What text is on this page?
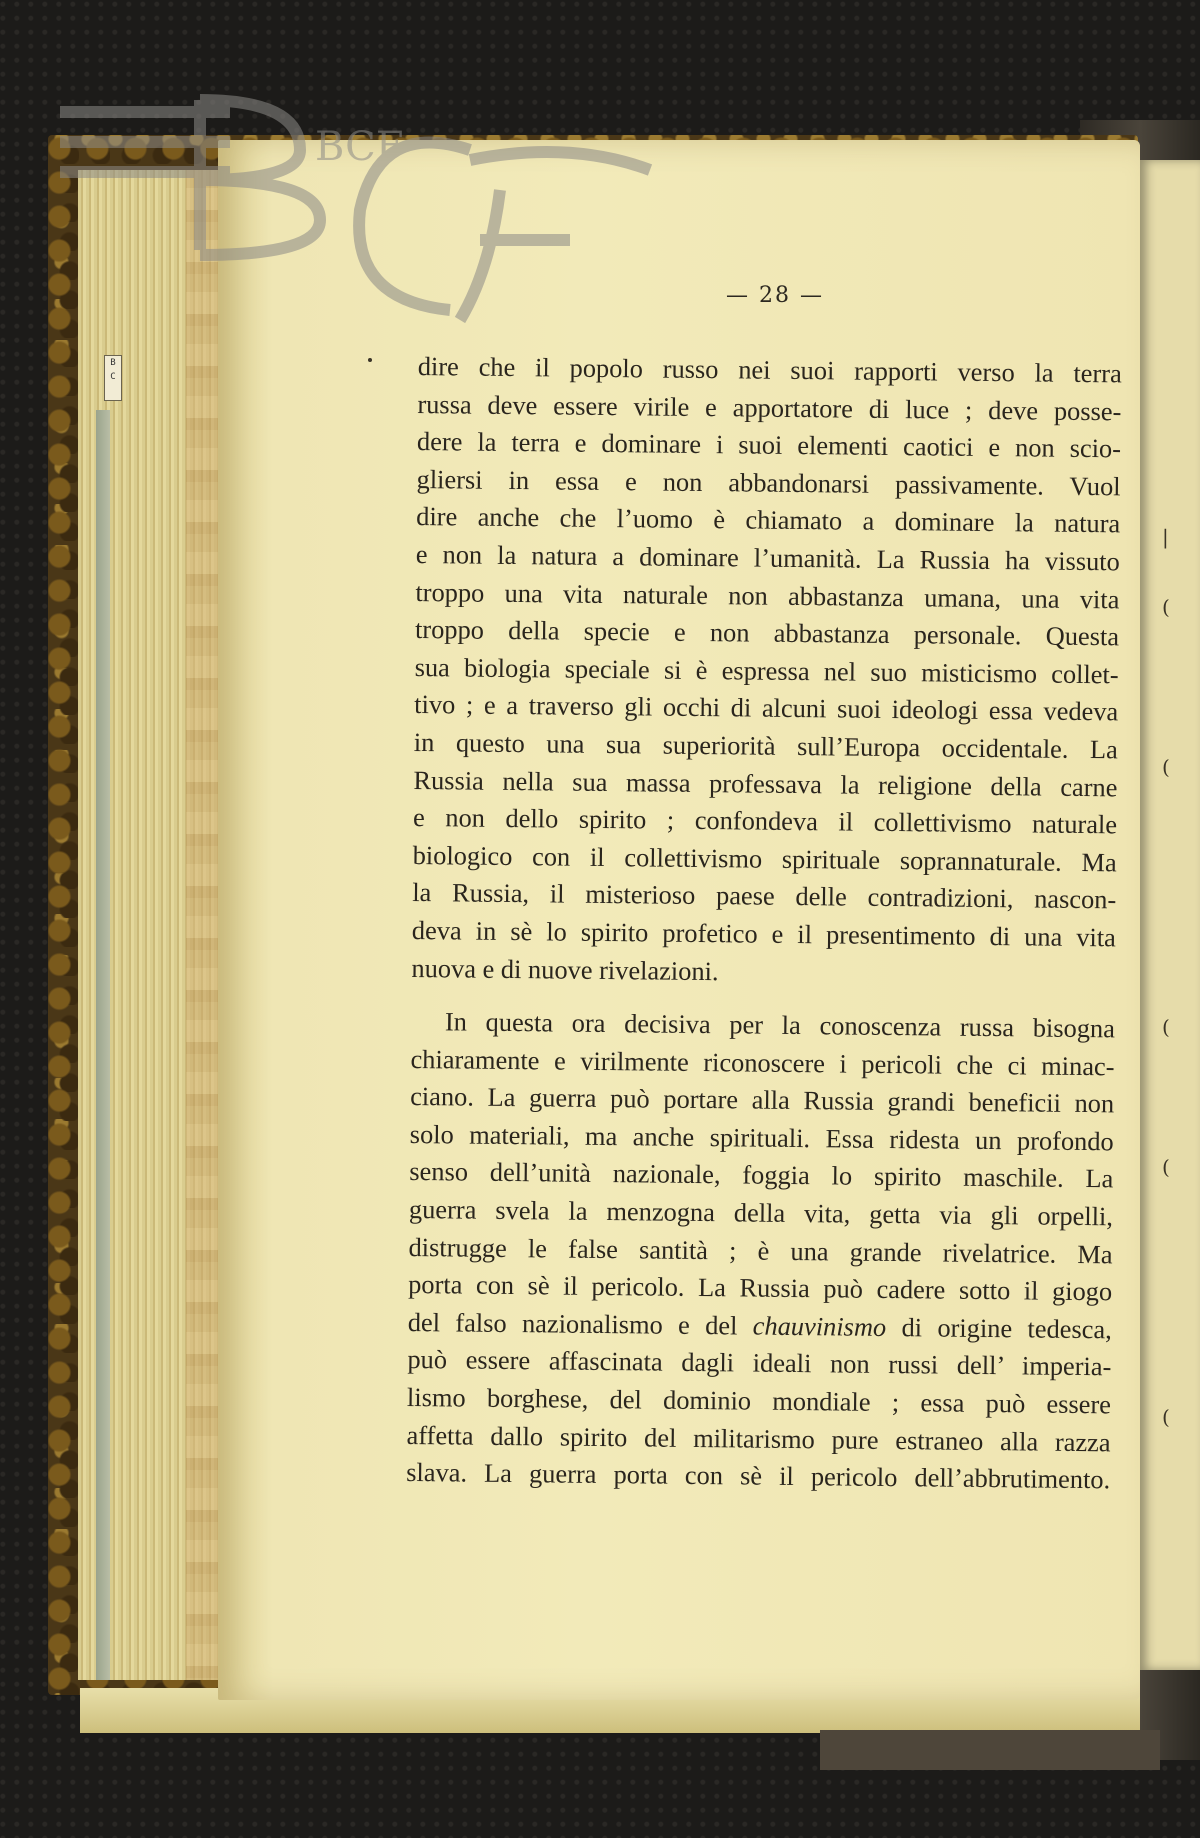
|
(
(
(
(
(
B C
BCF
— 28 —
dire che il popolo russo nei suoi rapporti verso la terra
russa deve essere virile e apportatore di luce ; deve posse-
dere la terra e dominare i suoi elementi caotici e non scio-
gliersi in essa e non abbandonarsi passivamente. Vuol
dire anche che l’uomo è chiamato a dominare la natura
e non la natura a dominare l’umanità. La Russia ha vissuto
troppo una vita naturale non abbastanza umana, una vita
troppo della specie e non abbastanza personale. Questa
sua biologia speciale si è espressa nel suo misticismo collet-
tivo ; e a traverso gli occhi di alcuni suoi ideologi essa vedeva
in questo una sua superiorità sull’Europa occidentale. La
Russia nella sua massa professava la religione della carne
e non dello spirito ; confondeva il collettivismo naturale
biologico con il collettivismo spirituale soprannaturale. Ma
la Russia, il misterioso paese delle contradizioni, nascon-
deva in sè lo spirito profetico e il presentimento di una vita
nuova e di nuove rivelazioni.
In questa ora decisiva per la conoscenza russa bisogna
chiaramente e virilmente riconoscere i pericoli che ci minac-
ciano. La guerra può portare alla Russia grandi beneficii non
solo materiali, ma anche spirituali. Essa ridesta un profondo
senso dell’unità nazionale, foggia lo spirito maschile. La
guerra svela la menzogna della vita, getta via gli orpelli,
distrugge le false santità ; è una grande rivelatrice. Ma
porta con sè il pericolo. La Russia può cadere sotto il giogo
del falso nazionalismo e del chauvinismo di origine tedesca,
può essere affascinata dagli ideali non russi dell’ imperia-
lismo borghese, del dominio mondiale ; essa può essere
affetta dallo spirito del militarismo pure estraneo alla razza
slava. La guerra porta con sè il pericolo dell’abbrutimento.
